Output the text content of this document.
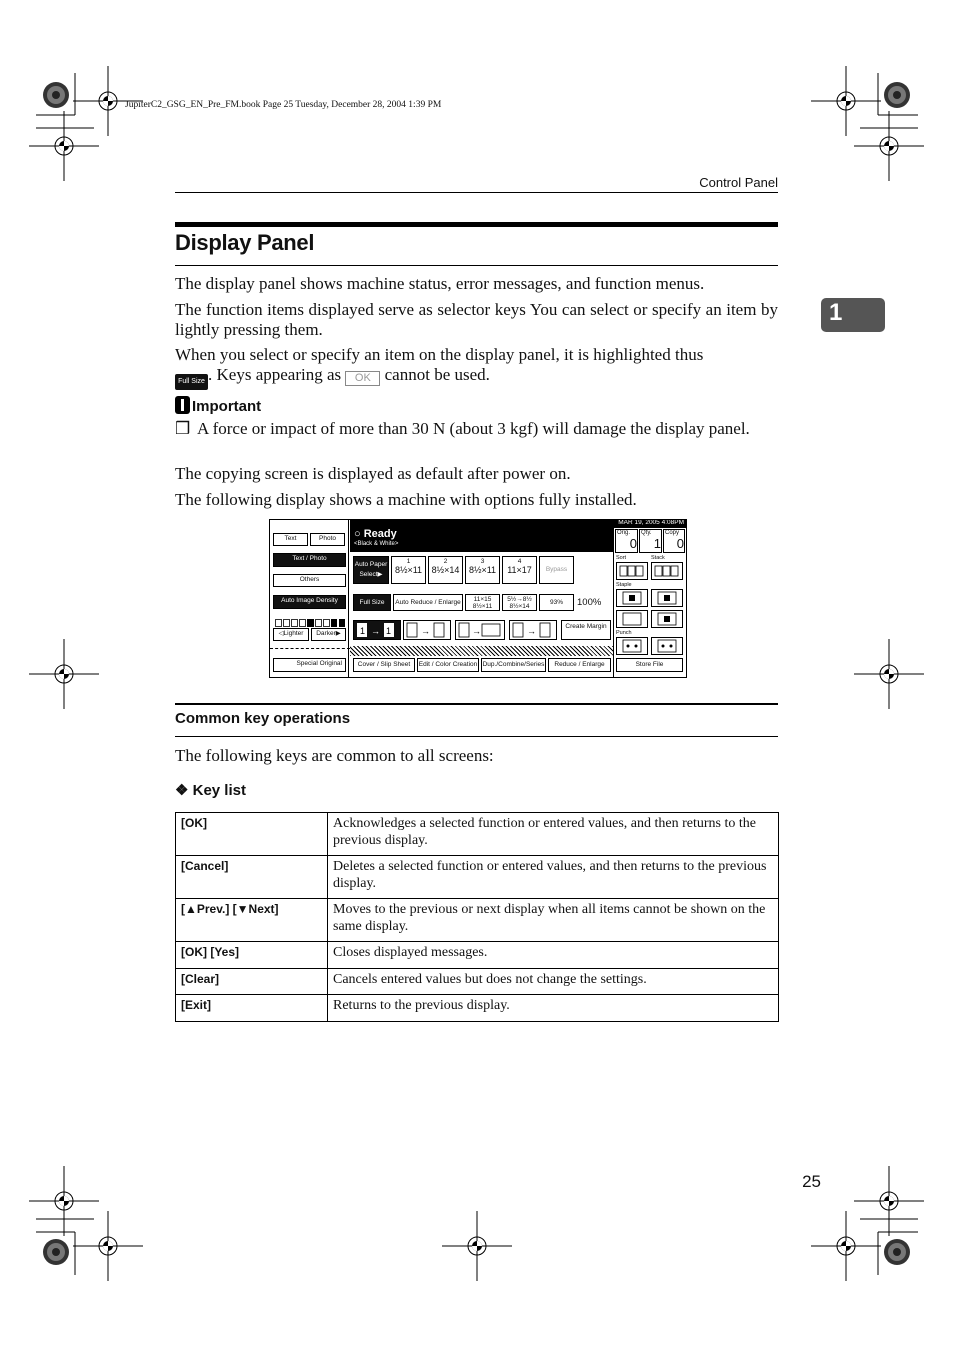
JupiterC2_GSG_EN_Pre_FM.book Page 25 Tuesday, December 28, 2004 1:39 PM
Control Panel
1
Display Panel
The display panel shows machine status, error messages, and function menus.
The function items displayed serve as selector keys You can select or specify an item by lightly pressing them.
When you select or specify an item on the display panel, it is highlighted thus
Full Size . Keys appearing as OK cannot be used.
Important
❒ A force or impact of more than 30 N (about 3 kgf) will damage the display panel.
The copying screen is displayed as default after power on.
The following display shows a machine with options fully installed.
MAR 19, 2005 4:08PM
○ Ready
<Black & White>
Text	Photo
Text / Photo
Others
Auto Image Density
◁Lighter	Darker▶
Special Original
Auto Paper Select▶
1
8½×11
2
8½×14
3
8½×11
4
11×17	Bypass
Full Size	Auto Reduce / Enlarge	11×15
8½×11
5½→8½
8½×14
93%	100%
1 → 1	→	→	→	Create Margin
Cover / Slip Sheet	Edit / Color Creation Dup./Combine/Series	Reduce / Enlarge
Orig.
0
Qty.
1
Copy
0
Sort	Stack
Staple
Punch
Store File
Common key operations
The following keys are common to all screens:
❖ Key list
[OK]	Acknowledges a selected function or entered values, and then returns to the previous display.
[Cancel]	Deletes a selected function or entered values, and then returns to the previous display.
[▲Prev.] [▼Next]	Moves to the previous or next display when all items cannot be shown on the same display.
[OK] [Yes]	Closes displayed messages.
[Clear]	Cancels entered values but does not change the settings.
[Exit]	Returns to the previous display.
25
